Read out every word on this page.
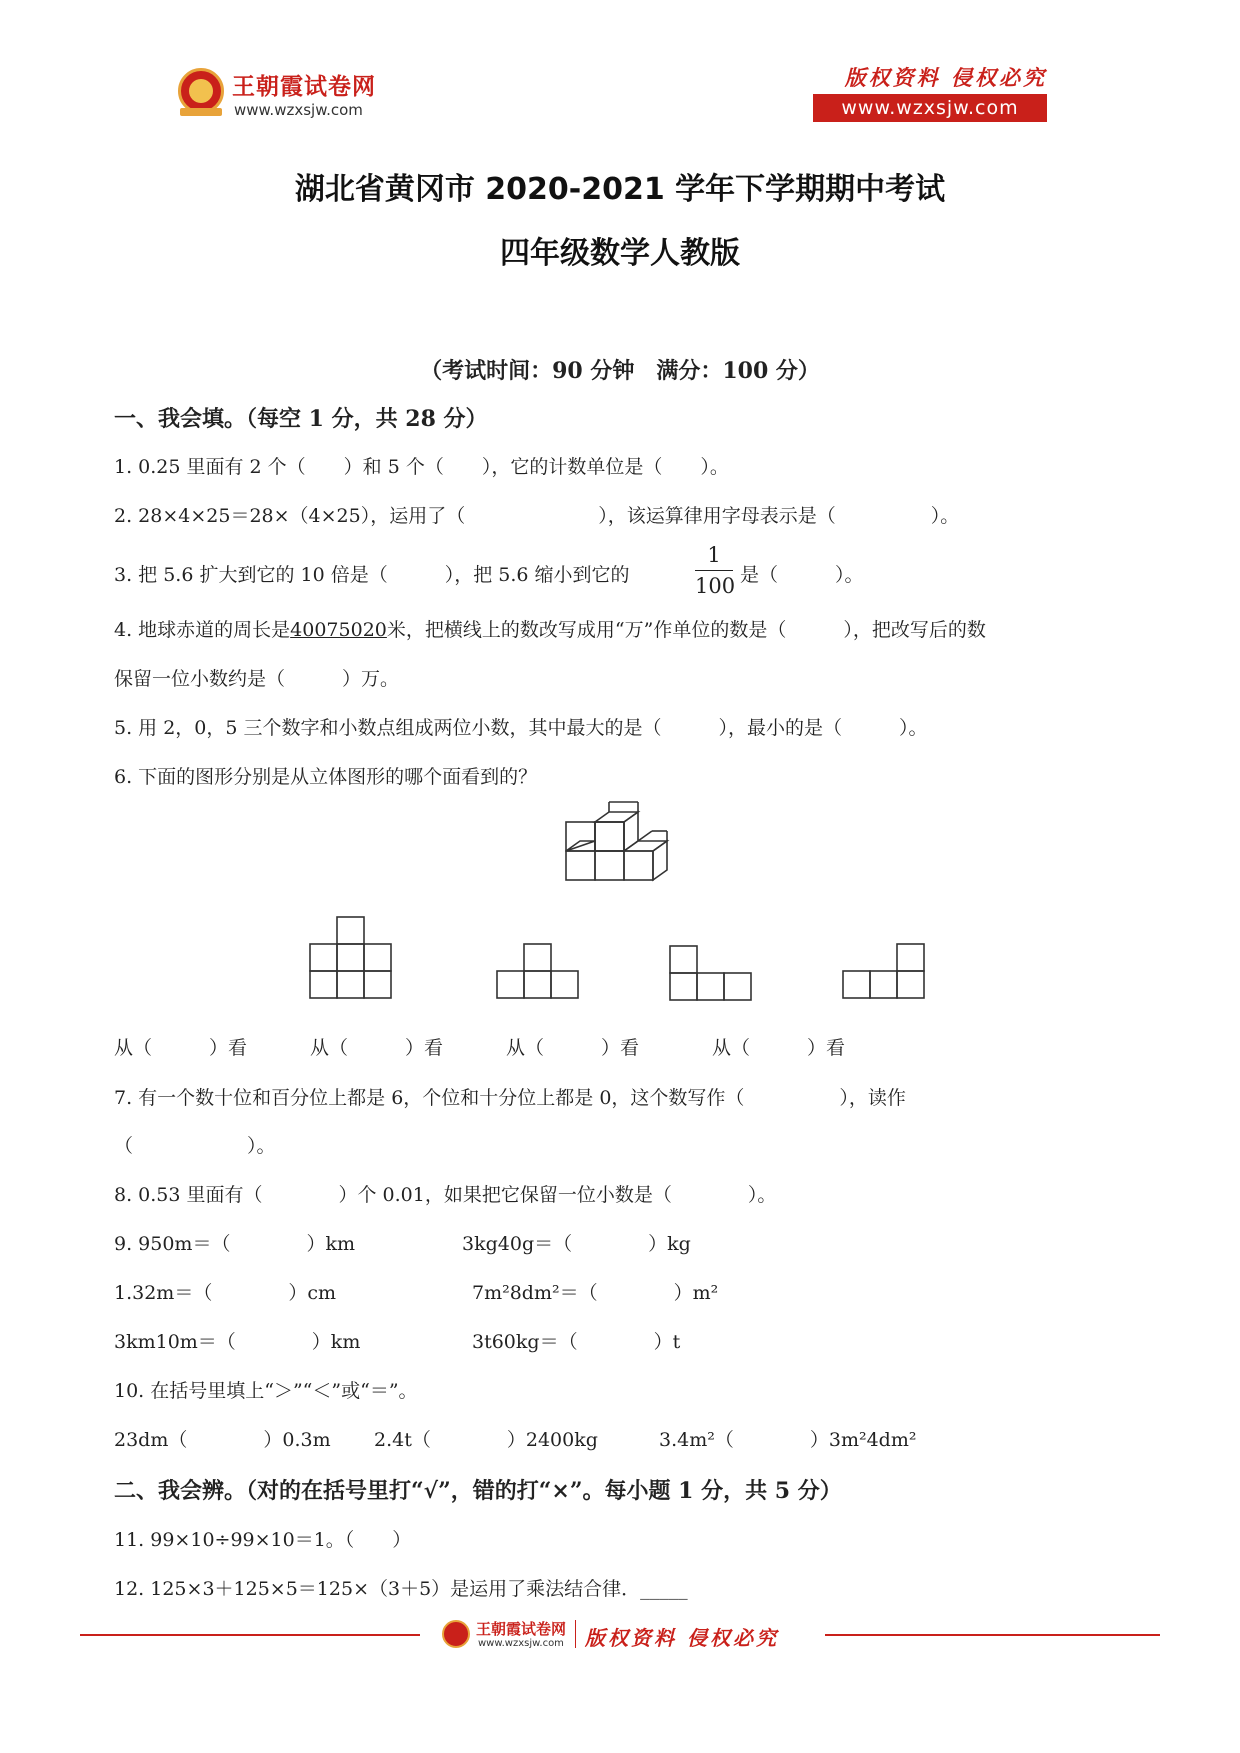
王朝霞试卷网
www.wzxsjw.com
版权资料 侵权必究
www.wzxsjw.com
湖北省黄冈市 2020-2021 学年下学期期中考试
四年级数学人教版
（考试时间：90 分钟　满分：100 分）
一、我会填。（每空 1 分，共 28 分）
1. 0.25 里面有 2 个（　　）和 5 个（　　），它的计数单位是（　　）。
2. 28×4×25＝28×（4×25），运用了（　　　　　　　），该运算律用字母表示是（　　　　　）。
3. 把 5.6 扩大到它的 10 倍是（　　　），把 5.6 缩小到它的
1
100 是（　　　）。
4. 地球赤道的周长是40075020米，把横线上的数改写成用“万”作单位的数是（　　　），把改写后的数
保留一位小数约是（　　　）万。
5. 用 2，0，5 三个数字和小数点组成两位小数，其中最大的是（　　　），最小的是（　　　）。
6. 下面的图形分别是从立体图形的哪个面看到的？
从（　　　）看	从（　　　）看	从（　　　）看	从（　　　）看
7. 有一个数十位和百分位上都是 6，个位和十分位上都是 0，这个数写作（　　　　　），读作
（　　　　　　）。
8. 0.53 里面有（　　　　）个 0.01，如果把它保留一位小数是（　　　　）。
9. 950m＝（　　　　）km	3kg40g＝（　　　　）kg
1.32m＝（　　　　）cm	7m²8dm²＝（　　　　）m²
3km10m＝（　　　　）km	3t60kg＝（　　　　）t
10. 在括号里填上“＞”“＜”或“＝”。
23dm（　　　　）0.3m 2.4t（　　　　）2400kg	3.4m²（　　　　）3m²4dm²
二、我会辨。（对的在括号里打“√”，错的打“×”。每小题 1 分，共 5 分）
11. 99×10÷99×10＝1。（　　）
12. 125×3＋125×5＝125×（3＋5）是运用了乘法结合律．_____
王朝霞试卷网
www.wzxsjw.com 版权资料 侵权必究
